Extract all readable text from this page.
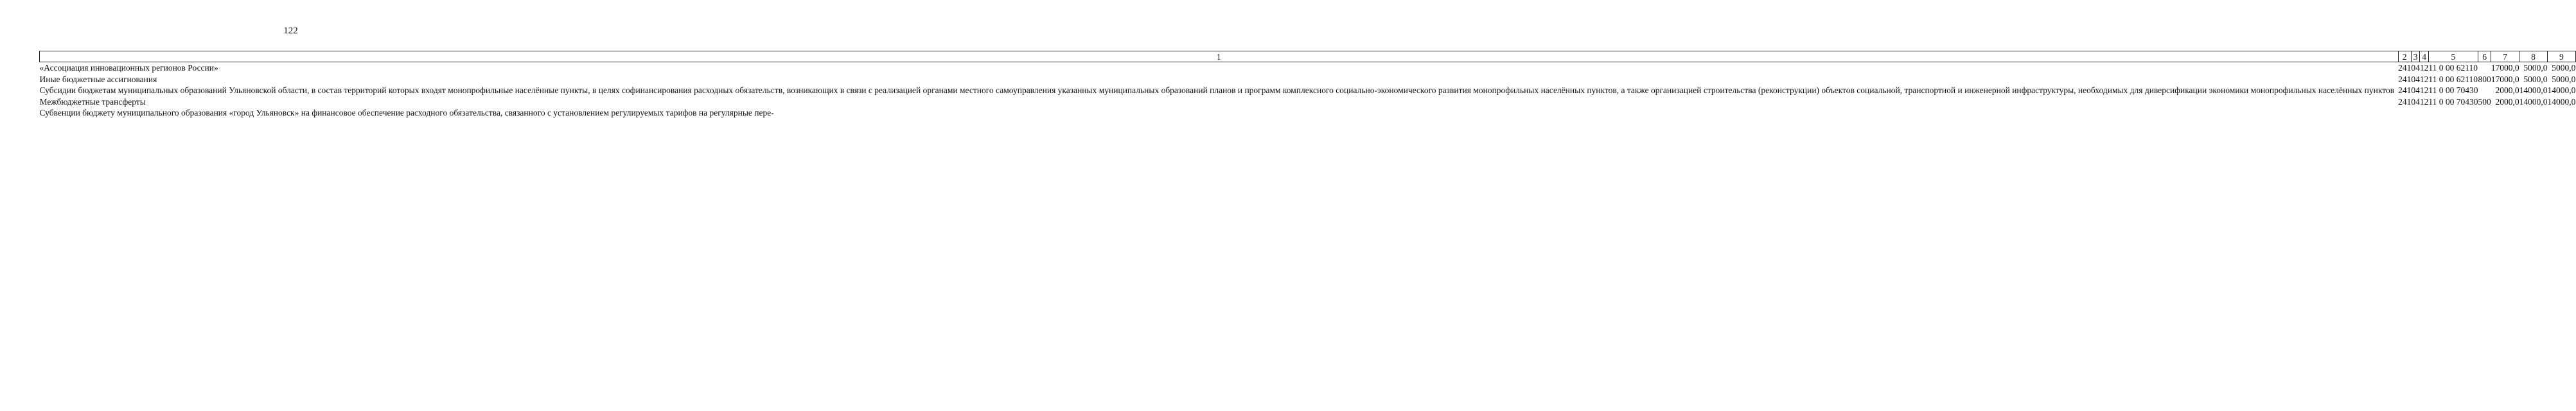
122
1	2	3	4	5	6	7	8	9

«Ассоциация инновационных регионов России»	241	04	12	11 0 00 62110		17000,0	5000,0	5000,0

Иные бюджетные ассигнования	241	04	12	11 0 00 62110	800	17000,0	5000,0	5000,0

Субсидии бюджетам муниципальных образований Ульяновской области, в состав территорий которых входят монопрофильные населённые пункты, в целях софинансирования расходных обязательств, возникающих в связи с реализацией органами местного самоуправления указанных муниципальных образований планов и программ комплексного социально-экономического развития монопрофильных населённых пунктов, а также организацией строительства (реконструкции) объектов социальной, транспортной и инженерной инфраструктуры, необходимых для диверсификации экономики монопрофильных населённых пунктов	241	04	12	11 0 00 70430		2000,0	14000,0	14000,0

Межбюджетные трансферты	241	04	12	11 0 00 70430	500	2000,0	14000,0	14000,0

Субвенции бюджету муниципального образования «город Ульяновск» на финансовое обеспечение расходного обязательства, связанного с установлением регулируемых тарифов на регулярные пере-								
